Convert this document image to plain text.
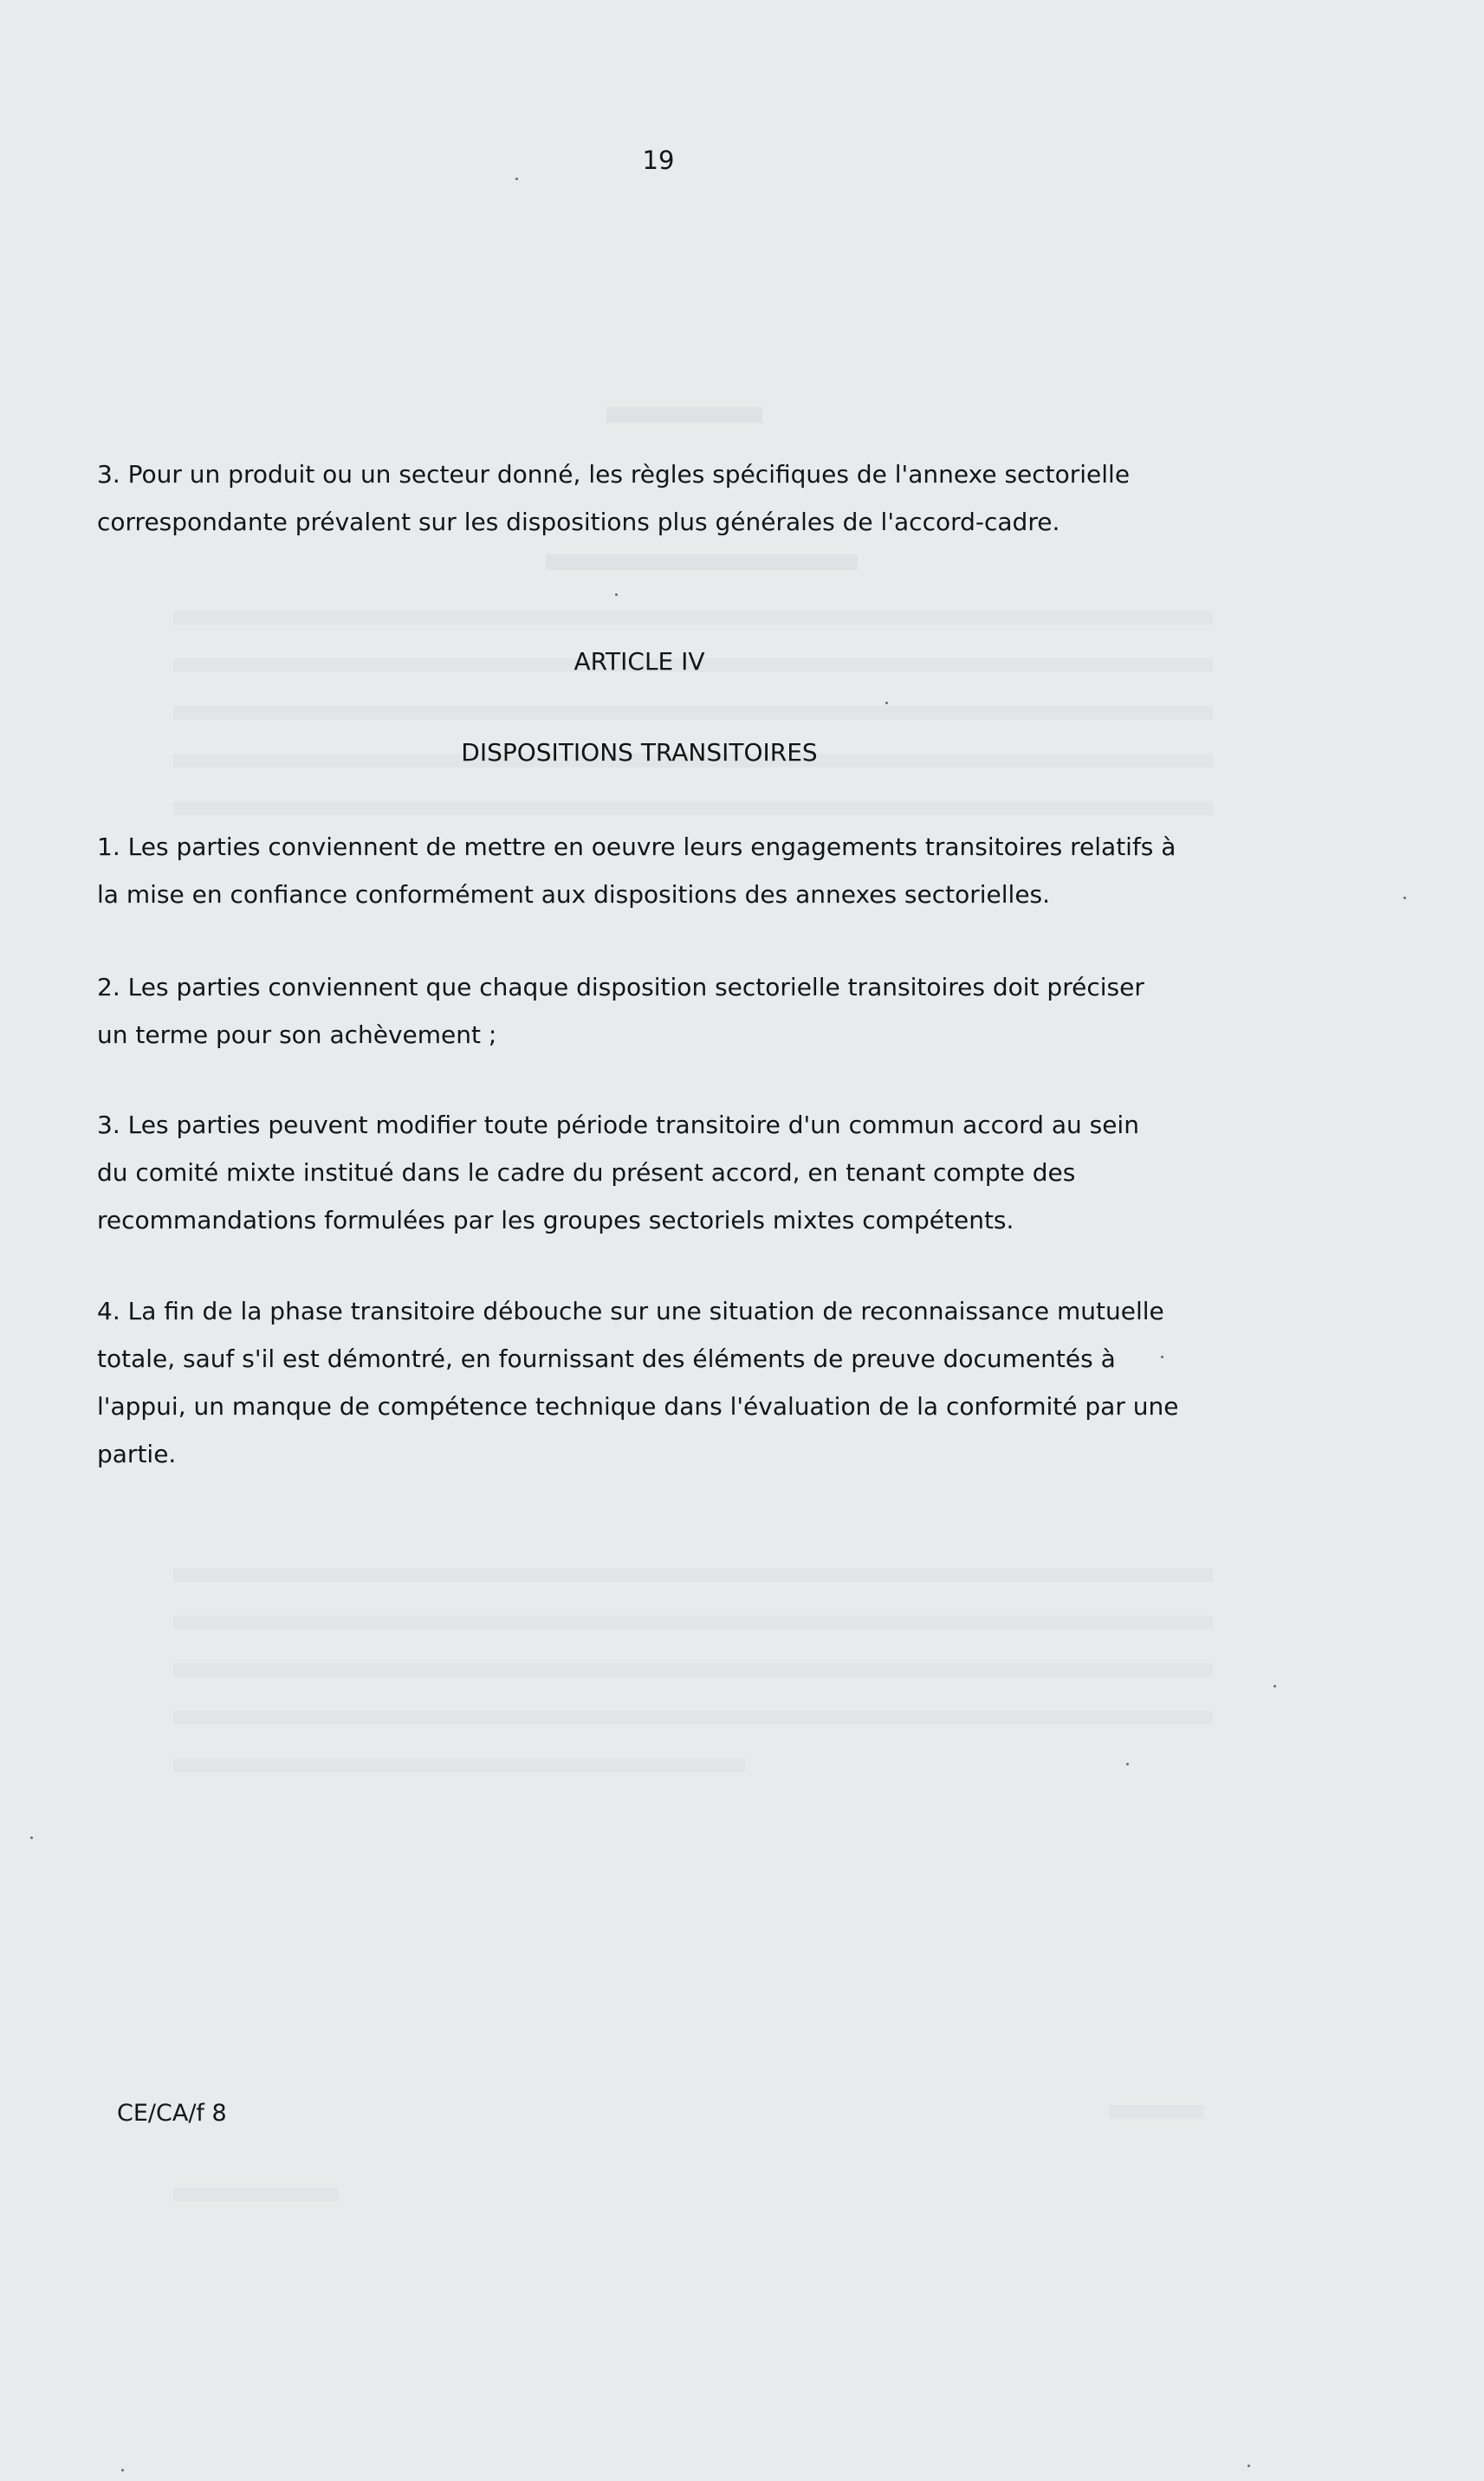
19
3. Pour un produit ou un secteur donné, les règles spécifiques de l'annexe sectorielle
correspondante prévalent sur les dispositions plus générales de l'accord-cadre.
ARTICLE IV
DISPOSITIONS TRANSITOIRES
1. Les parties conviennent de mettre en oeuvre leurs engagements transitoires relatifs à
la mise en confiance conformément aux dispositions des annexes sectorielles.
2. Les parties conviennent que chaque disposition sectorielle transitoires doit préciser
un terme pour son achèvement ;
3. Les parties peuvent modifier toute période transitoire d'un commun accord au sein
du comité mixte institué dans le cadre du présent accord, en tenant compte des
recommandations formulées par les groupes sectoriels mixtes compétents.
4. La fin de la phase transitoire débouche sur une situation de reconnaissance mutuelle
totale, sauf s'il est démontré, en fournissant des éléments de preuve documentés à
l'appui, un manque de compétence technique dans l'évaluation de la conformité par une
partie.
CE/CA/f 8
